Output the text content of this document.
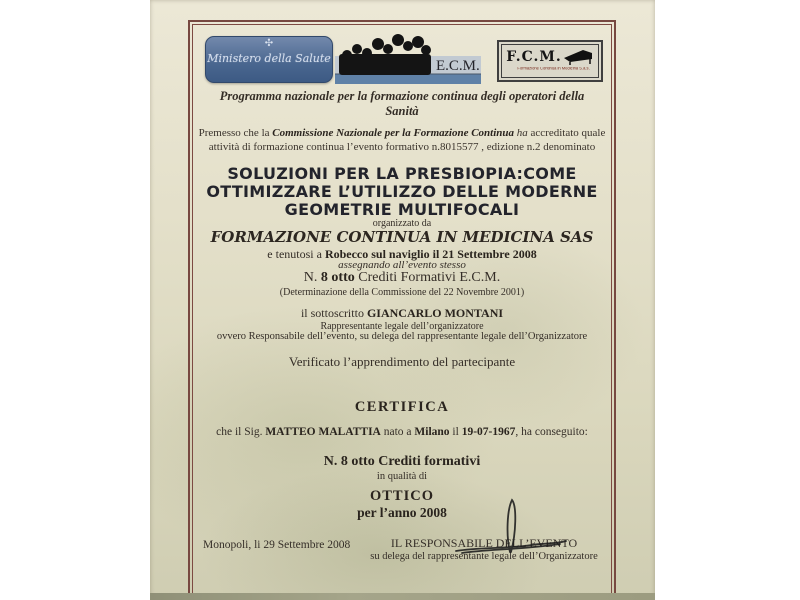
✣
Ministero della Salute	E.C.M.
F.C.M.
Formazione Continua in Medicina S.a.s.
Programma nazionale per la formazione continua degli operatori della
Sanità
Premesso che la Commissione Nazionale per la Formazione Continua ha accreditato quale
attività di formazione continua l’evento formativo n.8015577 , edizione n.2 denominato
SOLUZIONI PER LA PRESBIOPIA:COME
OTTIMIZZARE L’UTILIZZO DELLE MODERNE
GEOMETRIE MULTIFOCALI
organizzato da
FORMAZIONE CONTINUA IN MEDICINA SAS
e tenutosi a Robecco sul naviglio il 21 Settembre 2008
assegnando all’evento stesso
N. 8 otto Crediti Formativi E.C.M.
(Determinazione della Commissione del 22 Novembre 2001)
il sottoscritto GIANCARLO MONTANI
Rappresentante legale dell’organizzatore
ovvero Responsabile dell’evento, su delega del rappresentante legale dell’Organizzatore
Verificato l’apprendimento del partecipante
CERTIFICA
che il Sig. MATTEO MALATTIA nato a Milano il 19-07-1967, ha conseguito:
N. 8 otto Crediti formativi
in qualità di
OTTICO
per l’anno 2008
Monopoli, li 29 Settembre 2008	IL RESPONSABILE DELL’EVENTO
su delega del rappresentante legale dell’Organizzatore
